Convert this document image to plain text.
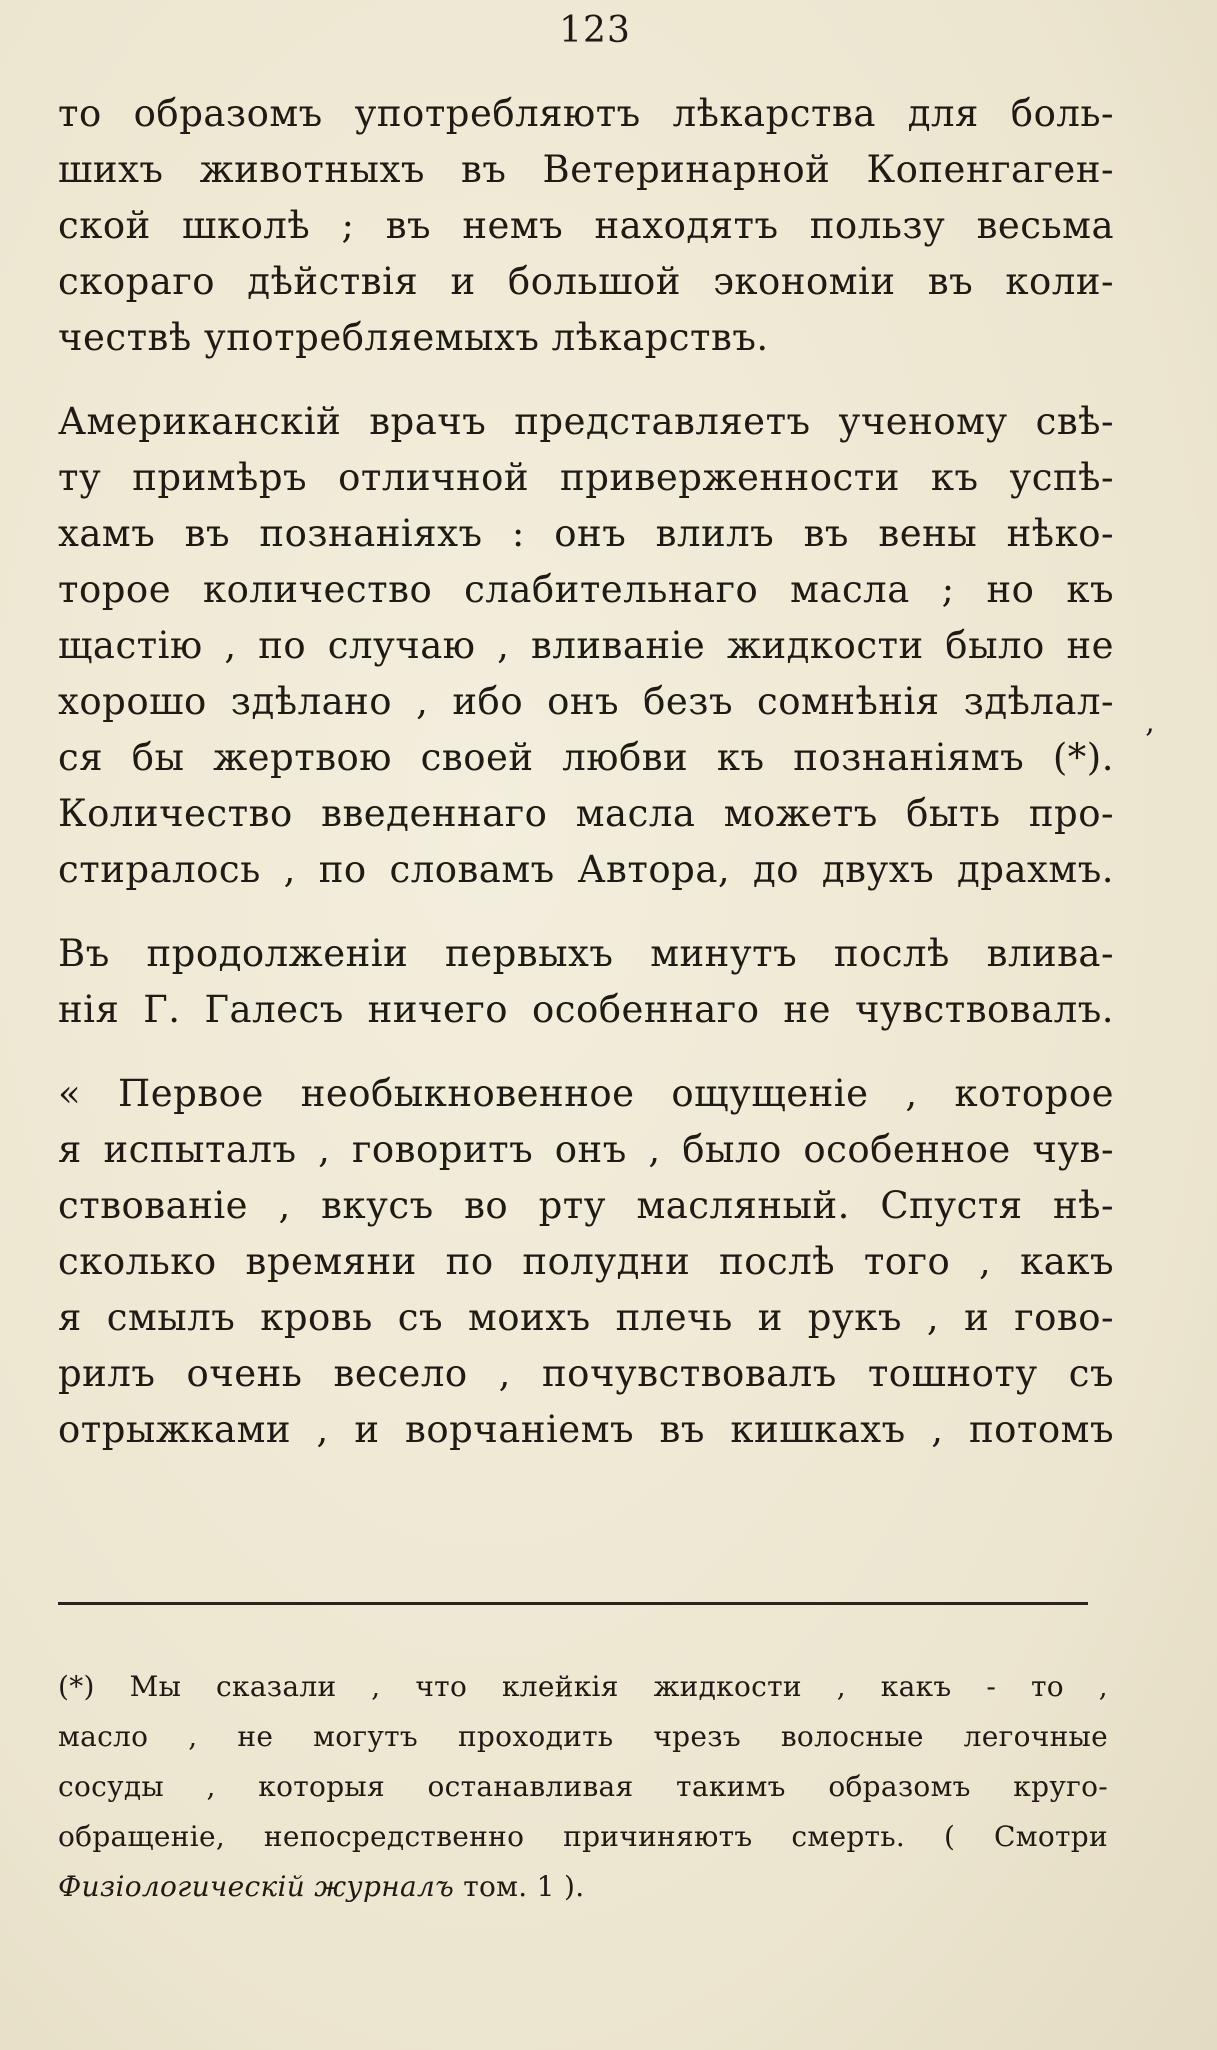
123
то образомъ употребляютъ лѣкарства для боль-
шихъ животныхъ въ Ветеринарной Копенгаген-
ской школѣ ; въ немъ находятъ пользу весьма
скораго дѣйствія и большой экономіи въ коли-
чествѣ употребляемыхъ лѣкарствъ.
Американскій врачъ представляетъ ученому свѣ-
ту примѣръ отличной приверженности къ успѣ-
хамъ въ познаніяхъ : онъ влилъ въ вены нѣко-
торое количество слабительнаго масла ; но къ
щастію , по случаю , вливаніе жидкости было не
хорошо здѣлано , ибо онъ безъ сомнѣнія здѣлал-
ся бы жертвою своей любви къ познаніямъ (*).
Количество введеннаго масла можетъ быть про-
стиралось , по словамъ Автора, до двухъ драхмъ.
Въ продолженіи первыхъ минутъ послѣ влива-
нія Г. Галесъ ничего особеннаго не чувствовалъ.
« Первое необыкновенное ощущеніе , которое
я испыталъ , говоритъ онъ , было особенное чув-
ствованіе , вкусъ во рту масляный. Спустя нѣ-
сколько времяни по полудни послѣ того , какъ
я смылъ кровь съ моихъ плечь и рукъ , и гово-
рилъ очень весело , почувствовалъ тошноту съ
отрыжками , и ворчаніемъ въ кишкахъ , потомъ
‚
(*) Мы сказали , что клейкія жидкости , какъ - то ,
масло , не могутъ проходить чрезъ волосные легочные
сосуды , которыя останавливая такимъ образомъ круго-
обращеніе, непосредственно причиняютъ смерть. ( Смотри
Физіологическій журналъ том. 1 ).
